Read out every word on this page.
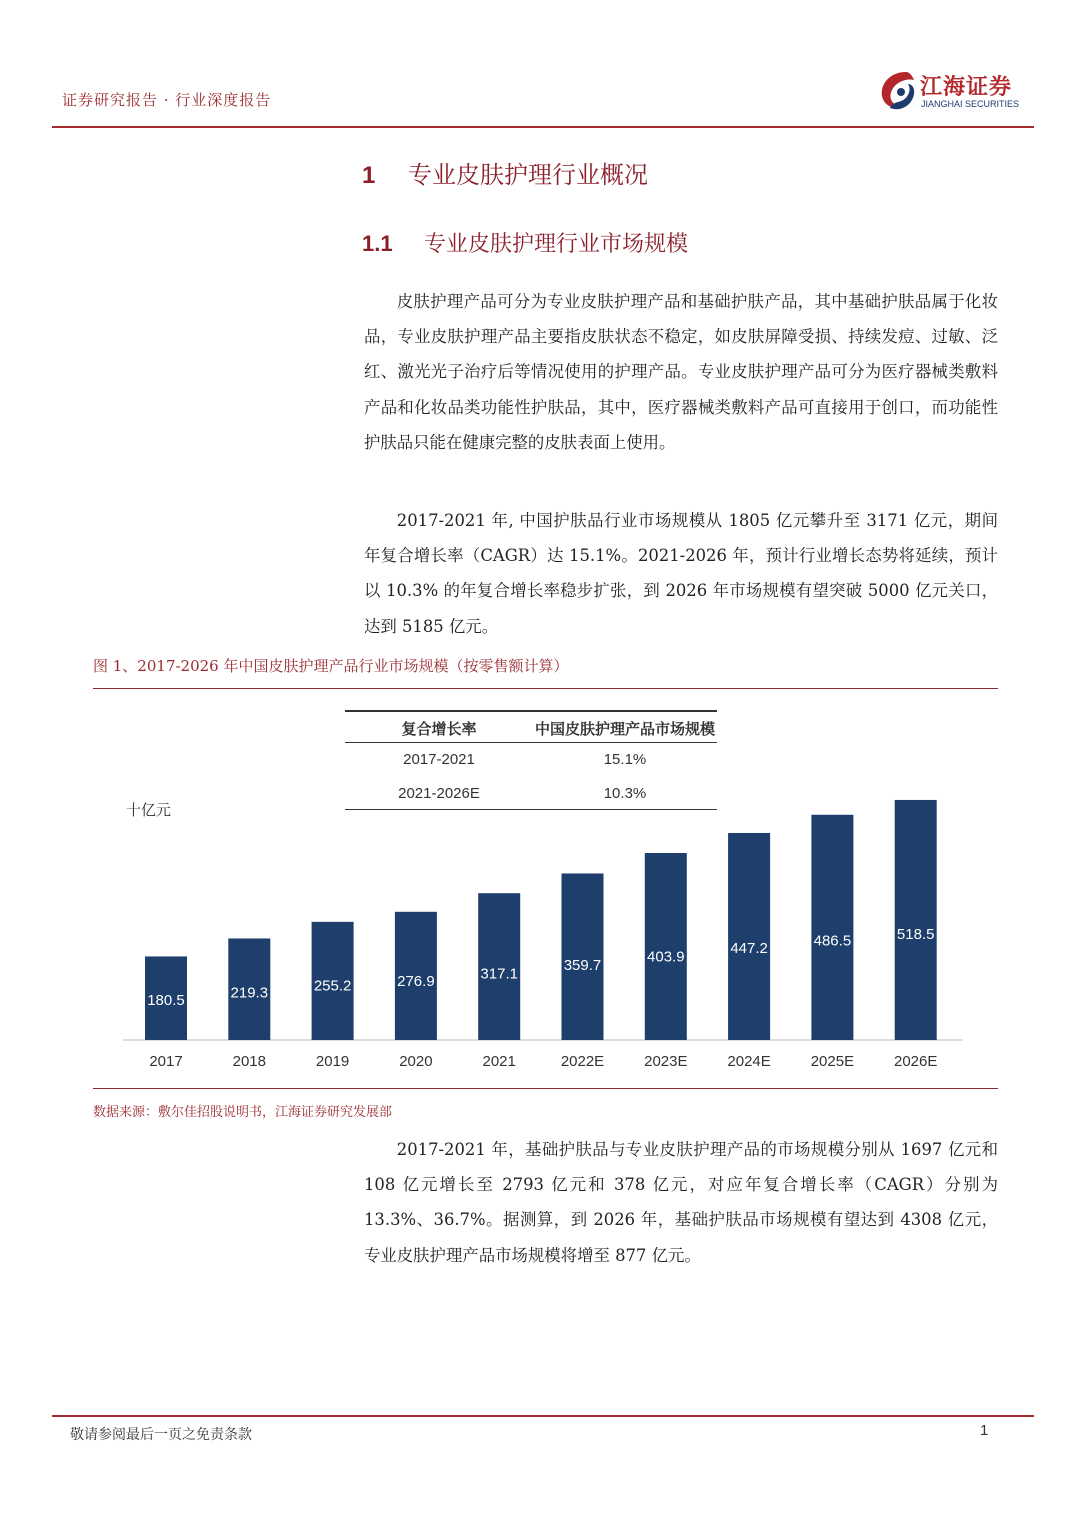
证券研究报告 · 行业深度报告	江海证券
JIANGHAI SECURITIES
1 专业皮肤护理行业概况
1.1 专业皮肤护理行业市场规模

皮肤护理产品可分为专业皮肤护理产品和基础护肤产品，其中基础护肤品属于化妆品，专业皮肤护理产品主要指皮肤状态不稳定，如皮肤屏障受损、持续发痘、过敏、泛红、激光光子治疗后等情况使用的护理产品。专业皮肤护理产品可分为医疗器械类敷料产品和化妆品类功能性护肤品，其中，医疗器械类敷料产品可直接用于创口，而功能性护肤品只能在健康完整的皮肤表面上使用。

2017-2021 年, 中国护肤品行业市场规模从 1805 亿元攀升至 3171 亿元，期间年复合增长率（CAGR）达 15.1%。2021-2026 年，预计行业增长态势将延续，预计以 10.3% 的年复合增长率稳步扩张，到 2026 年市场规模有望突破 5000 亿元关口，达到 5185 亿元。

图 1、2017-2026 年中国皮肤护理产品行业市场规模（按零售额计算）
复合增长率	中国皮肤护理产品市场规模
2017-2021	15.1%
2021-2026E	10.3%
十亿元
180.5
2017
219.3
2018
255.2
2019
276.9
2020
317.1
2021
359.7
2022E
403.9
2023E
447.2
2024E
486.5
2025E
518.5
2026E
数据来源：敷尔佳招股说明书，江海证券研究发展部

2017-2021 年，基础护肤品与专业皮肤护理产品的市场规模分别从 1697 亿元和 108 亿元增长至 2793 亿元和 378 亿元，对应年复合增长率（CAGR）分别为 13.3%、36.7%。据测算，到 2026 年，基础护肤品市场规模有望达到 4308 亿元，专业皮肤护理产品市场规模将增至 877 亿元。

敬请参阅最后一页之免责条款	1
